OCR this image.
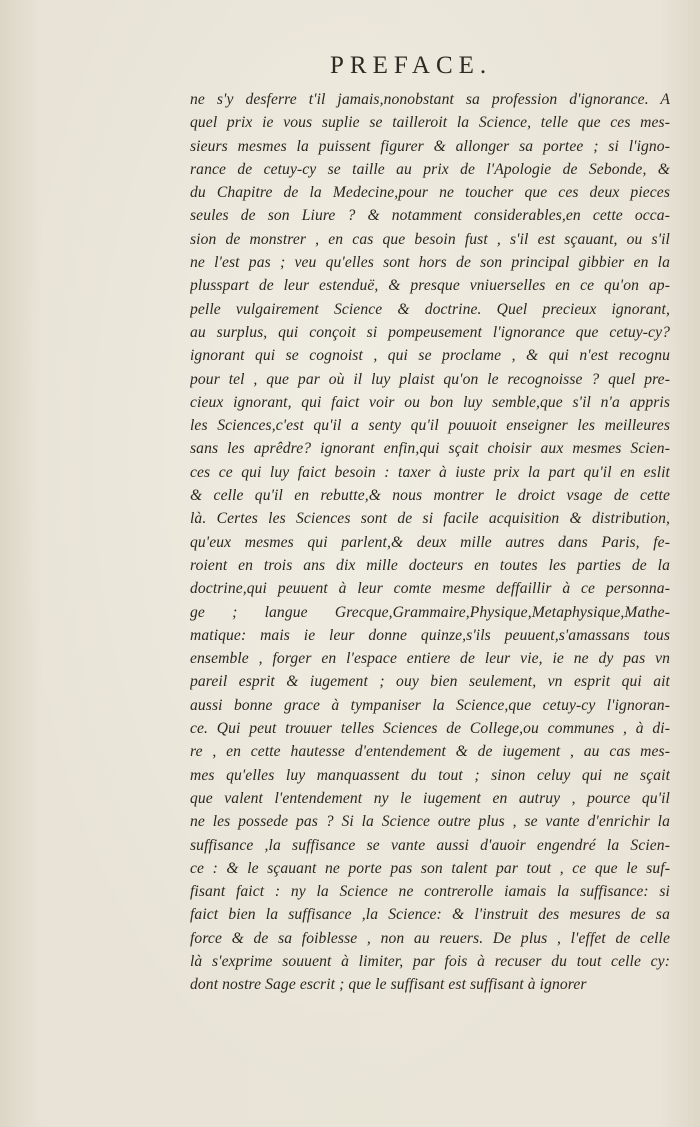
PREFACE.
ne s'y desferre t'il jamais,nonobstant sa profession d'ignorance. A
quel prix ie vous suplie se tailleroit la Science, telle que ces mes-
sieurs mesmes la puissent figurer & allonger sa portee ; si l'igno-
rance de cetuy-cy se taille au prix de l'Apologie de Sebonde, &
du Chapitre de la Medecine,pour ne toucher que ces deux pieces
seules de son Liure ? & notamment considerables,en cette occa-
sion de monstrer , en cas que besoin fust , s'il est sçauant, ou s'il
ne l'est pas ; veu qu'elles sont hors de son principal gibbier en la
plusspart de leur estenduë, & presque vniuerselles en ce qu'on ap-
pelle vulgairement Science & doctrine. Quel precieux ignorant,
au surplus, qui conçoit si pompeusement l'ignorance que cetuy-cy?
ignorant qui se cognoist , qui se proclame , & qui n'est recognu
pour tel , que par où il luy plaist qu'on le recognoisse ? quel pre-
cieux ignorant, qui faict voir ou bon luy semble,que s'il n'a appris
les Sciences,c'est qu'il a senty qu'il pouuoit enseigner les meilleures
sans les aprêdre? ignorant enfin,qui sçait choisir aux mesmes Scien-
ces ce qui luy faict besoin : taxer à iuste prix la part qu'il en eslit
& celle qu'il en rebutte,& nous montrer le droict vsage de cette
là. Certes les Sciences sont de si facile acquisition & distribution,
qu'eux mesmes qui parlent,& deux mille autres dans Paris, fe-
roient en trois ans dix mille docteurs en toutes les parties de la
doctrine,qui peuuent à leur comte mesme deffaillir à ce personna-
ge ; langue Grecque,Grammaire,Physique,Metaphysique,Mathe-
matique: mais ie leur donne quinze,s'ils peuuent,s'amassans tous
ensemble , forger en l'espace entiere de leur vie, ie ne dy pas vn
pareil esprit & iugement ; ouy bien seulement, vn esprit qui ait
aussi bonne grace à tympaniser la Science,que cetuy-cy l'ignoran-
ce. Qui peut trouuer telles Sciences de College,ou communes , à di-
re , en cette hautesse d'entendement & de iugement , au cas mes-
mes qu'elles luy manquassent du tout ; sinon celuy qui ne sçait
que valent l'entendement ny le iugement en autruy , pource qu'il
ne les possede pas ? Si la Science outre plus , se vante d'enrichir la
suffisance ,la suffisance se vante aussi d'auoir engendré la Scien-
ce : & le sçauant ne porte pas son talent par tout , ce que le suf-
fisant faict : ny la Science ne contrerolle iamais la suffisance: si
faict bien la suffisance ,la Science: & l'instruit des mesures de sa
force & de sa foiblesse , non au reuers. De plus , l'effet de celle
là s'exprime souuent à limiter, par fois à recuser du tout celle cy:
dont nostre Sage escrit ; que le suffisant est suffisant à ignorer
